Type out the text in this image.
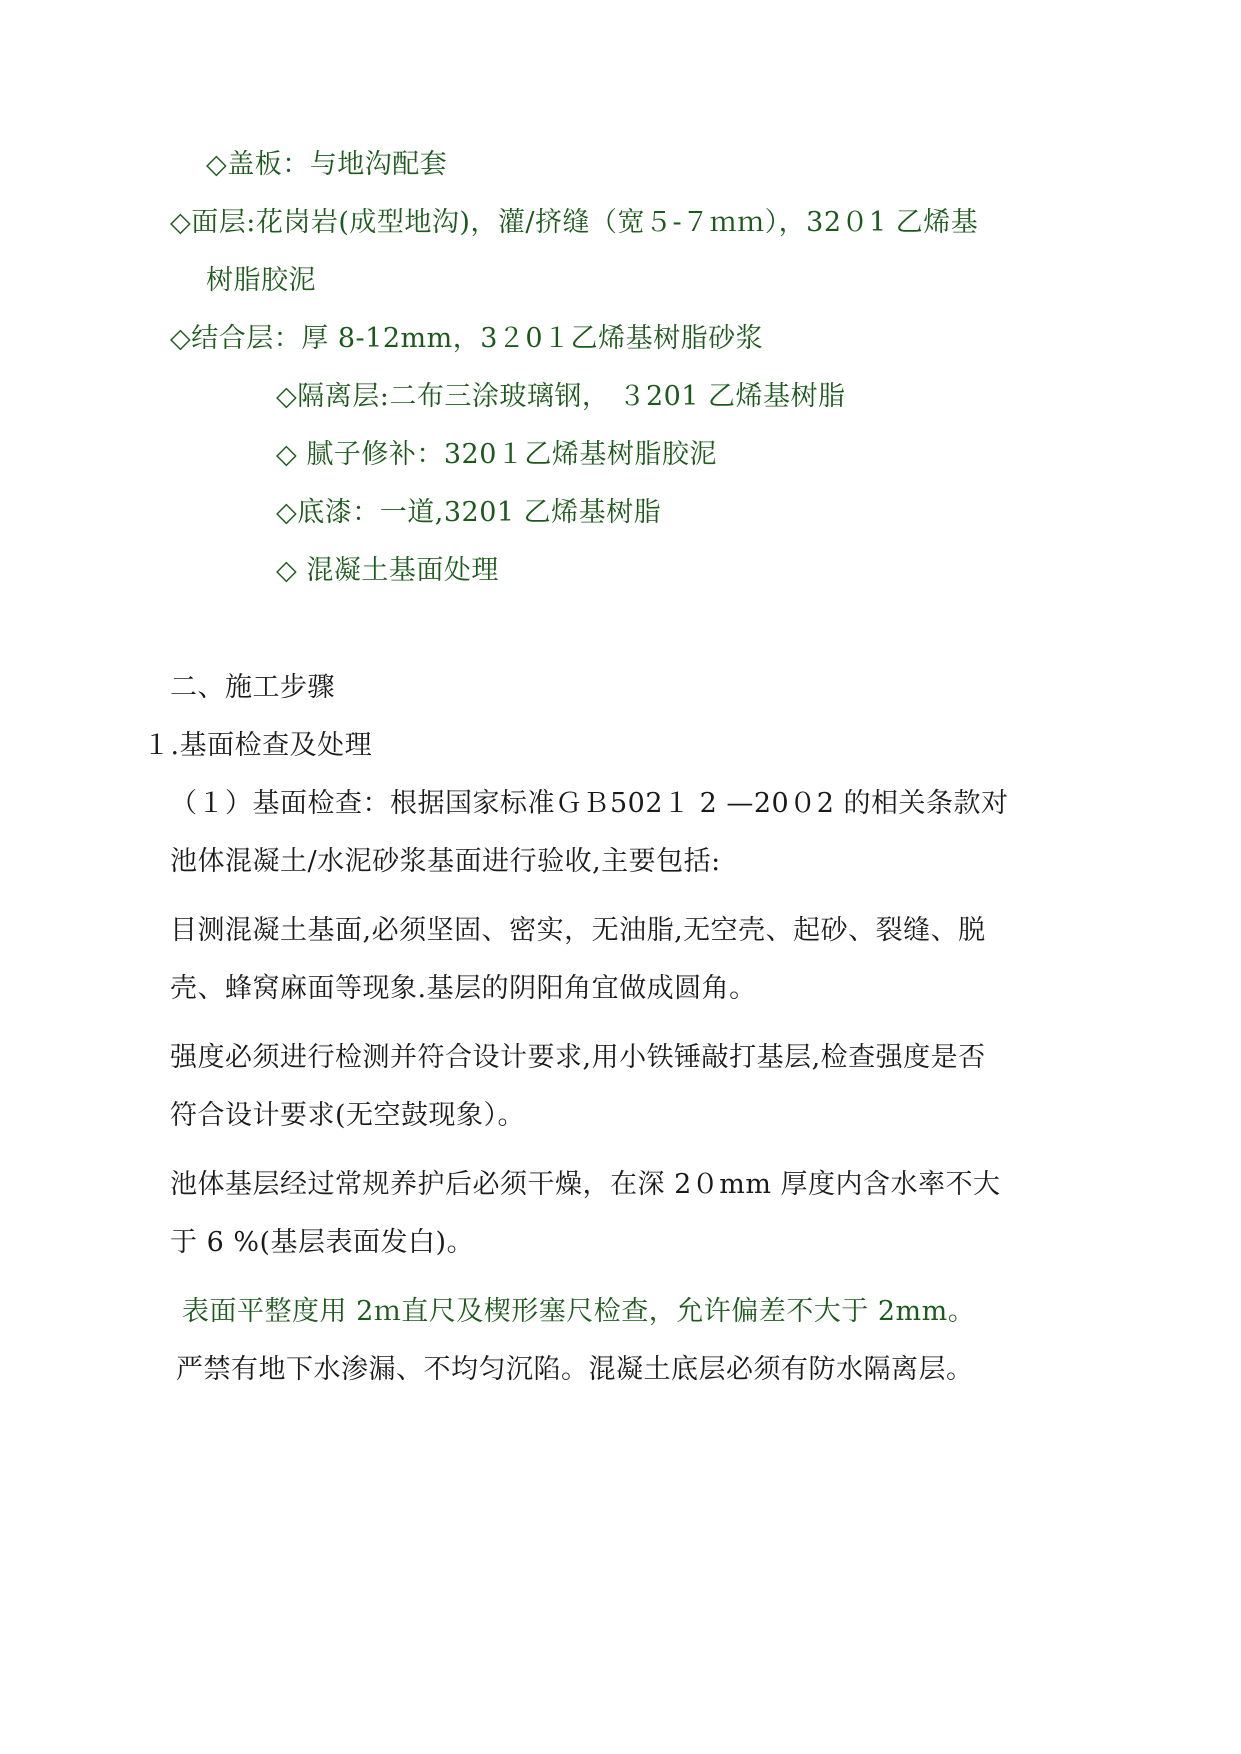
◇盖板：与地沟配套
◇面层:花岗岩(成型地沟)，灌/挤缝（宽５-７ｍｍ），32０1 乙烯基
树脂胶泥
◇结合层：厚 8-12mm，3２0１乙烯基树脂砂浆
◇隔离层:二布三涂玻璃钢， ３201 乙烯基树脂
◇ 腻子修补：320１乙烯基树脂胶泥
◇底漆：一道,3201 乙烯基树脂
◇ 混凝土基面处理
二、施工步骤
１.基面检查及处理
（１）基面检查：根据国家标准ＧＢ502１ 2 —20０2 的相关条款对
池体混凝土/水泥砂浆基面进行验收,主要包括:
目测混凝土基面,必须坚固、密实，无油脂,无空壳、起砂、裂缝、脱
壳、蜂窝麻面等现象.基层的阴阳角宜做成圆角。
强度必须进行检测并符合设计要求,用小铁锤敲打基层,检查强度是否
符合设计要求(无空鼓现象）。
池体基层经过常规养护后必须干燥，在深 2０mm 厚度内含水率不大
于 6 %(基层表面发白)。
表面平整度用 2ｍ直尺及楔形塞尺检查，允许偏差不大于 2mm。
严禁有地下水渗漏、不均匀沉陷。混凝土底层必须有防水隔离层。
